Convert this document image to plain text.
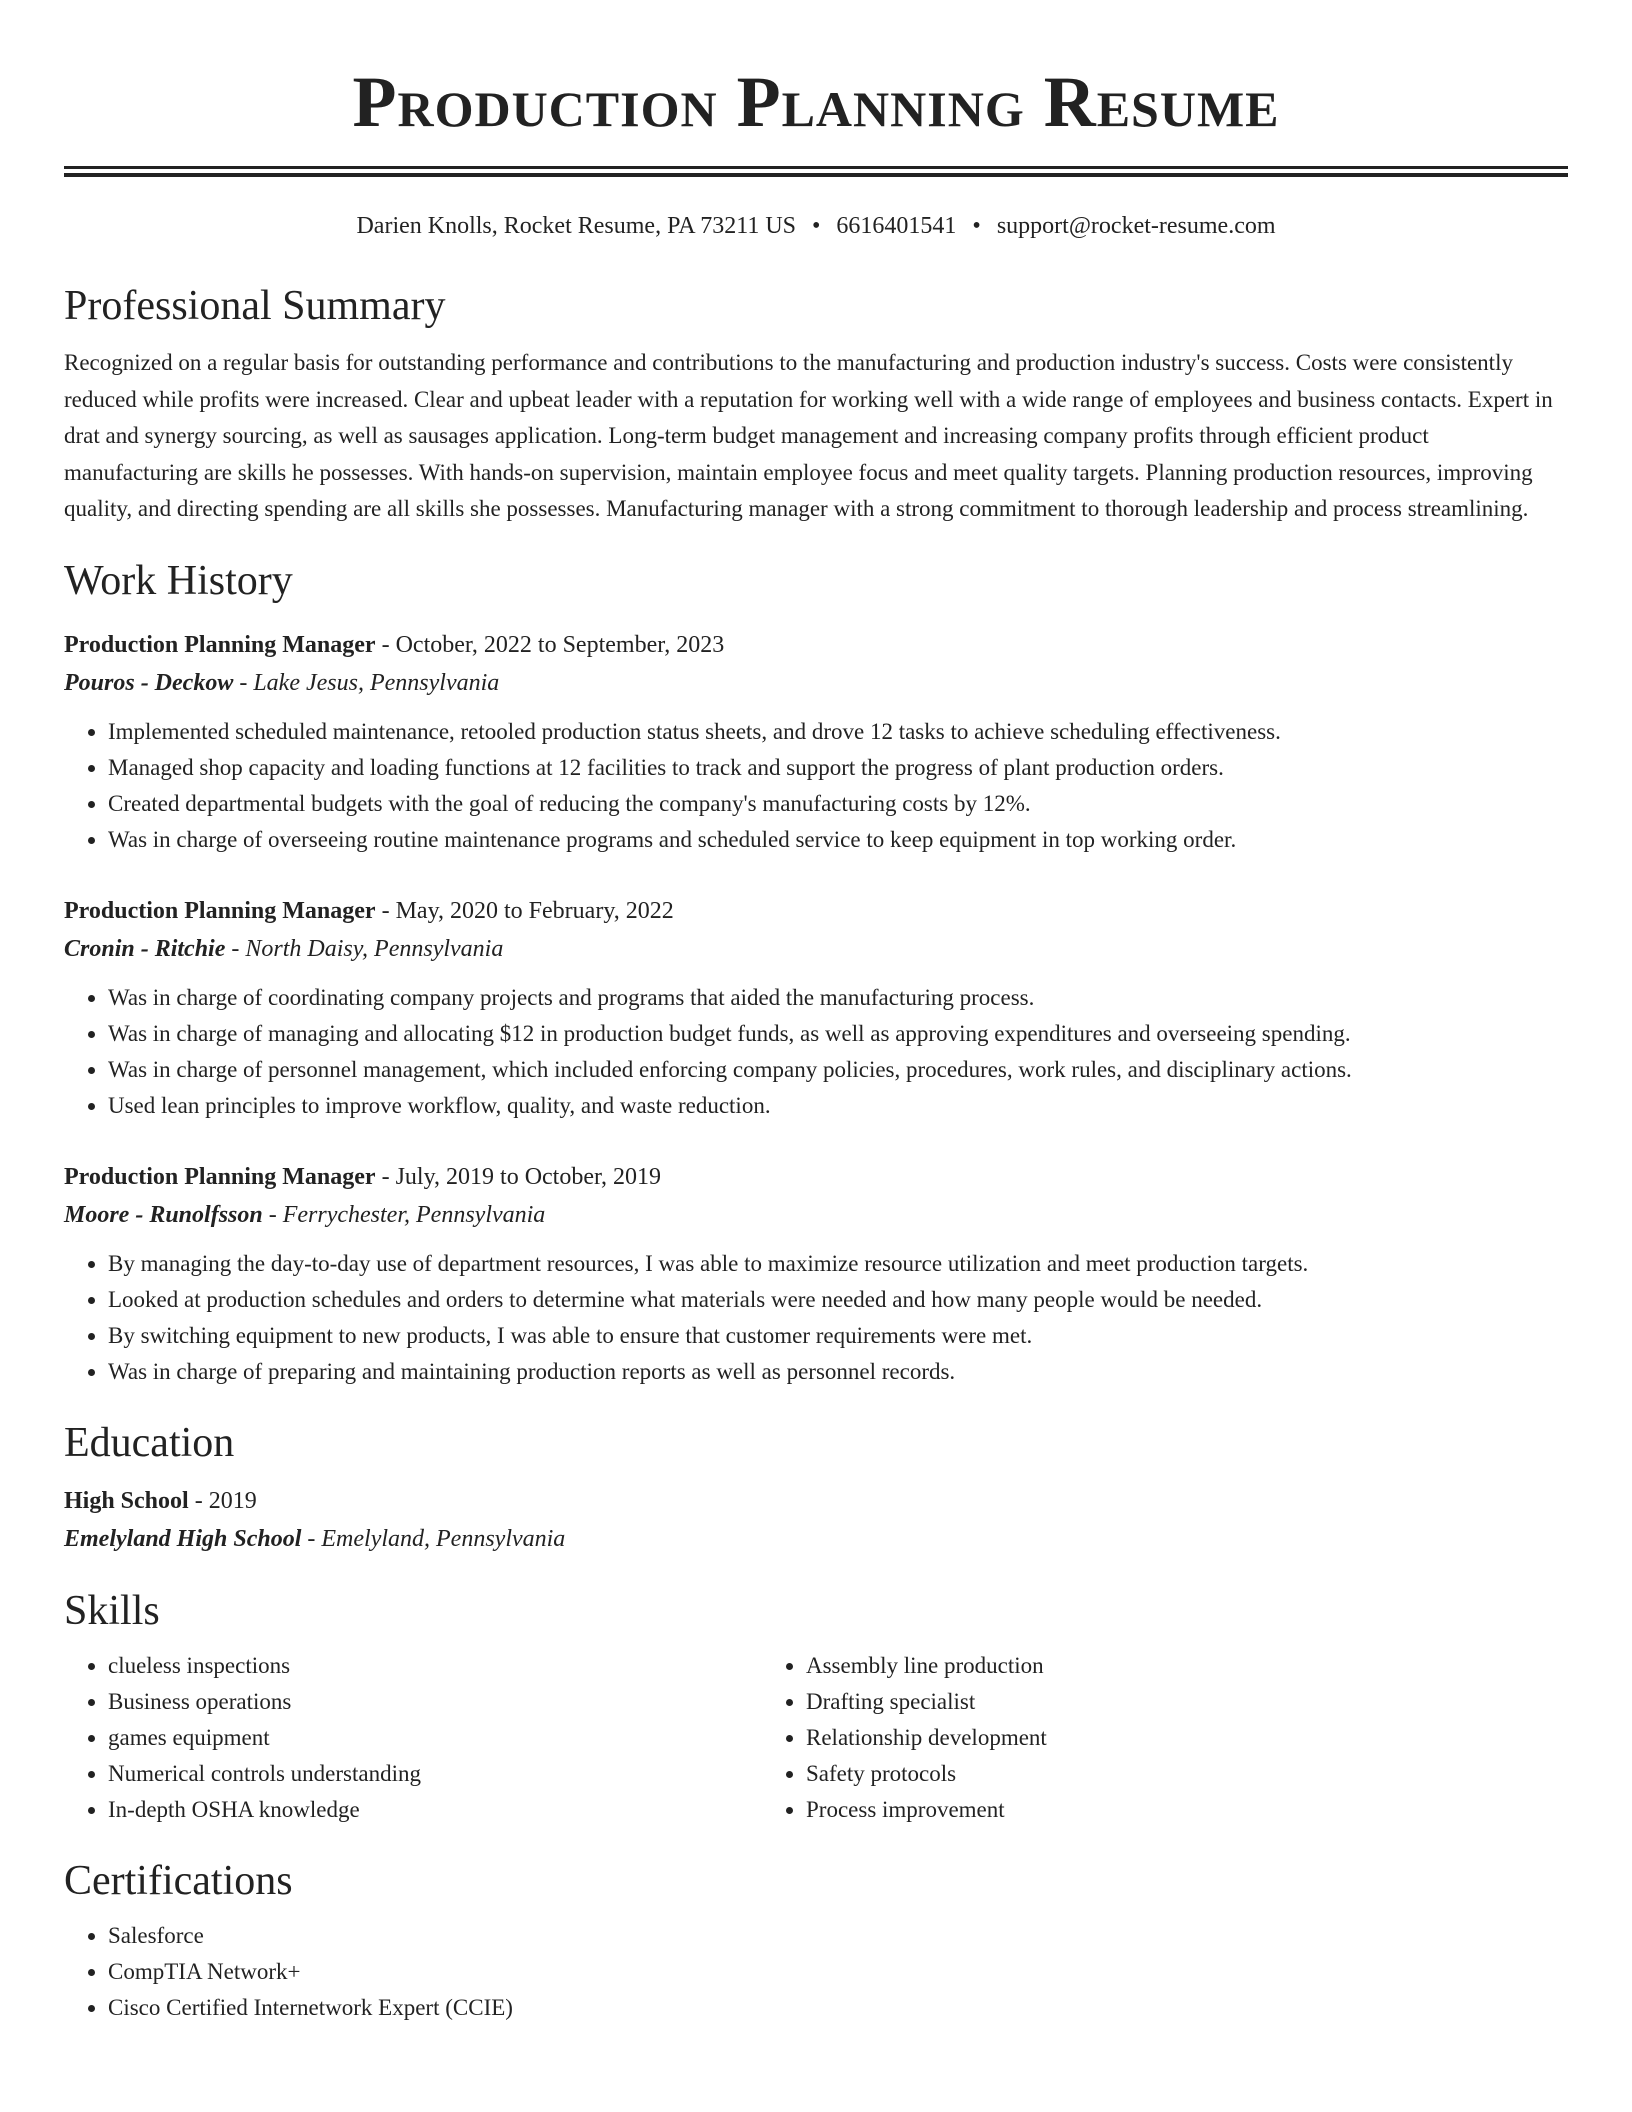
Production Planning Resume
Darien Knolls, Rocket Resume, PA 73211 US • 6616401541 • support@rocket-resume.com
Professional Summary

Recognized on a regular basis for outstanding performance and contributions to the manufacturing and production industry's success. Costs were consistently reduced while profits were increased. Clear and upbeat leader with a reputation for working well with a wide range of employees and business contacts. Expert in drat and synergy sourcing, as well as sausages application. Long-term budget management and increasing company profits through efficient product manufacturing are skills he possesses. With hands-on supervision, maintain employee focus and meet quality targets. Planning production resources, improving quality, and directing spending are all skills she possesses. Manufacturing manager with a strong commitment to thorough leadership and process streamlining.

Work History
Production Planning Manager - October, 2022 to September, 2023
Pouros - Deckow - Lake Jesus, Pennsylvania
• Implemented scheduled maintenance, retooled production status sheets, and drove 12 tasks to achieve scheduling effectiveness.
• Managed shop capacity and loading functions at 12 facilities to track and support the progress of plant production orders.
• Created departmental budgets with the goal of reducing the company's manufacturing costs by 12%.
• Was in charge of overseeing routine maintenance programs and scheduled service to keep equipment in top working order.
Production Planning Manager - May, 2020 to February, 2022
Cronin - Ritchie - North Daisy, Pennsylvania
• Was in charge of coordinating company projects and programs that aided the manufacturing process.
• Was in charge of managing and allocating $12 in production budget funds, as well as approving expenditures and overseeing spending.
• Was in charge of personnel management, which included enforcing company policies, procedures, work rules, and disciplinary actions.
• Used lean principles to improve workflow, quality, and waste reduction.
Production Planning Manager - July, 2019 to October, 2019
Moore - Runolfsson - Ferrychester, Pennsylvania
• By managing the day-to-day use of department resources, I was able to maximize resource utilization and meet production targets.
• Looked at production schedules and orders to determine what materials were needed and how many people would be needed.
• By switching equipment to new products, I was able to ensure that customer requirements were met.
• Was in charge of preparing and maintaining production reports as well as personnel records.
Education
High School - 2019
Emelyland High School - Emelyland, Pennsylvania
Skills
• clueless inspections
• Business operations
• games equipment
• Numerical controls understanding
• In-depth OSHA knowledge
• Assembly line production
• Drafting specialist
• Relationship development
• Safety protocols
• Process improvement
Certifications
• Salesforce
• CompTIA Network+
• Cisco Certified Internetwork Expert (CCIE)
